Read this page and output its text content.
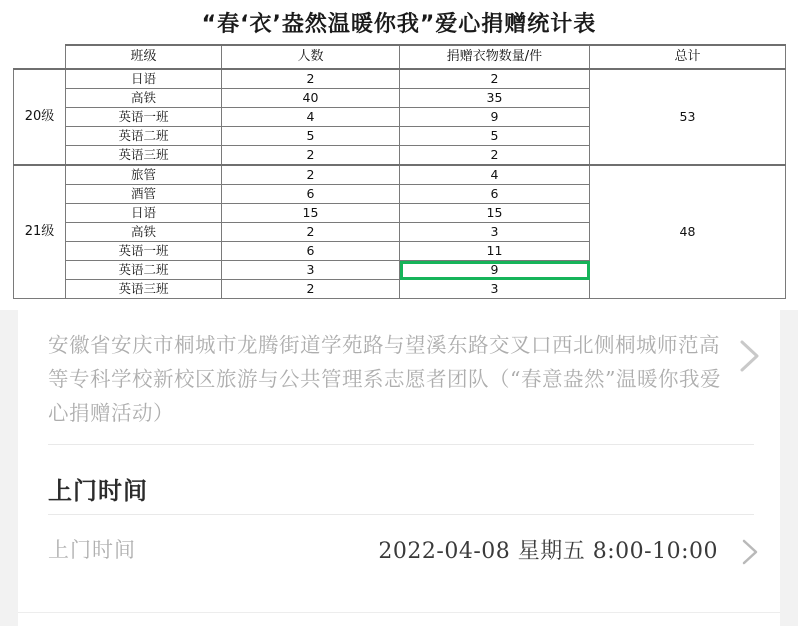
“春‘衣’盎然温暖你我”爱心捐赠统计表
	班级	人数	捐赠衣物数量/件	总计
20级	日语	2	2	53
	高铁	40	35	
	英语一班	4	9	
	英语二班	5	5	
	英语三班	2	2	
21级	旅管	2	4	48
	酒管	6	6	
	日语	15	15	
	高铁	2	3	
	英语一班	6	11	
	英语二班	3	9	
	英语三班	2	3	
安徽省安庆市桐城市龙腾街道学苑路与望溪东路交叉口西北侧桐城师范高等专科学校新校区旅游与公共管理系志愿者团队（“春意盎然”温暖你我爱心捐赠活动）
上门时间
上门时间	2022-04-08 星期五 8:00-10:00
